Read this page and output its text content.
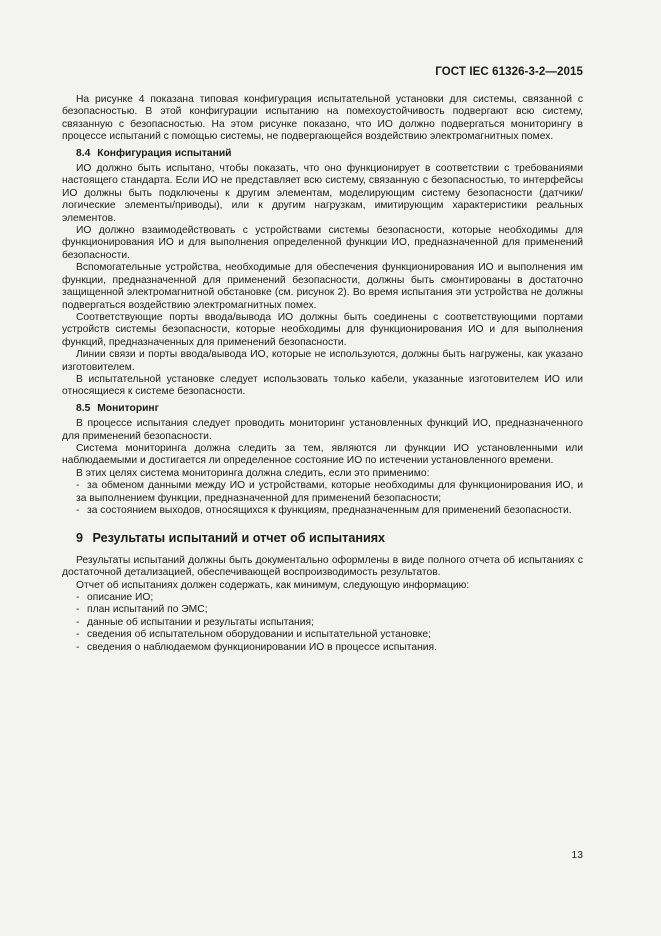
ГОСТ IEC 61326-3-2—2015

На рисунке 4 показана типовая конфигурация испытательной установки для системы, связанной с безопасностью. В этой конфигурации испытанию на помехоустойчивость подвергают всю систему, связанную с безопасностью. На этом рисунке показано, что ИО должно подвергаться мониторингу в процессе испытаний с помощью системы, не подвергающейся воздействию электромагнитных помех.

8.4 Конфигурация испытаний

ИО должно быть испытано, чтобы показать, что оно функционирует в соответствии с требованиями настоящего стандарта. Если ИО не представляет всю систему, связанную с безопасностью, то интерфейсы ИО должны быть подключены к другим элементам, моделирующим систему безопасности (датчики/логические элементы/приводы), или к другим нагрузкам, имитирующим характеристики реальных элементов.

ИО должно взаимодействовать с устройствами системы безопасности, которые необходимы для функционирования ИО и для выполнения определенной функции ИО, предназначенной для применений безопасности.

Вспомогательные устройства, необходимые для обеспечения функционирования ИО и выполнения им функции, предназначенной для применений безопасности, должны быть смонтированы в достаточно защищенной электромагнитной обстановке (см. рисунок 2). Во время испытания эти устройства не должны подвергаться воздействию электромагнитных помех.

Соответствующие порты ввода/вывода ИО должны быть соединены с соответствующими портами устройств системы безопасности, которые необходимы для функционирования ИО и для выполнения функций, предназначенных для применений безопасности.

Линии связи и порты ввода/вывода ИО, которые не используются, должны быть нагружены, как указано изготовителем.

В испытательной установке следует использовать только кабели, указанные изготовителем ИО или относящиеся к системе безопасности.

8.5 Мониторинг

В процессе испытания следует проводить мониторинг установленных функций ИО, предназначенного для применений безопасности.

Система мониторинга должна следить за тем, являются ли функции ИО установленными или наблюдаемыми и достигается ли определенное состояние ИО по истечении установленного времени.

В этих целях система мониторинга должна следить, если это применимо:

- за обменом данными между ИО и устройствами, которые необходимы для функционирования ИО, и за выполнением функции, предназначенной для применений безопасности;

- за состоянием выходов, относящихся к функциям, предназначенным для применений безопасности.

9 Результаты испытаний и отчет об испытаниях

Результаты испытаний должны быть документально оформлены в виде полного отчета об испытаниях с достаточной детализацией, обеспечивающей воспроизводимость результатов.

Отчет об испытаниях должен содержать, как минимум, следующую информацию:

- описание ИО;

- план испытаний по ЭМС;

- данные об испытании и результаты испытания;

- сведения об испытательном оборудовании и испытательной установке;

- сведения о наблюдаемом функционировании ИО в процессе испытания.

13
